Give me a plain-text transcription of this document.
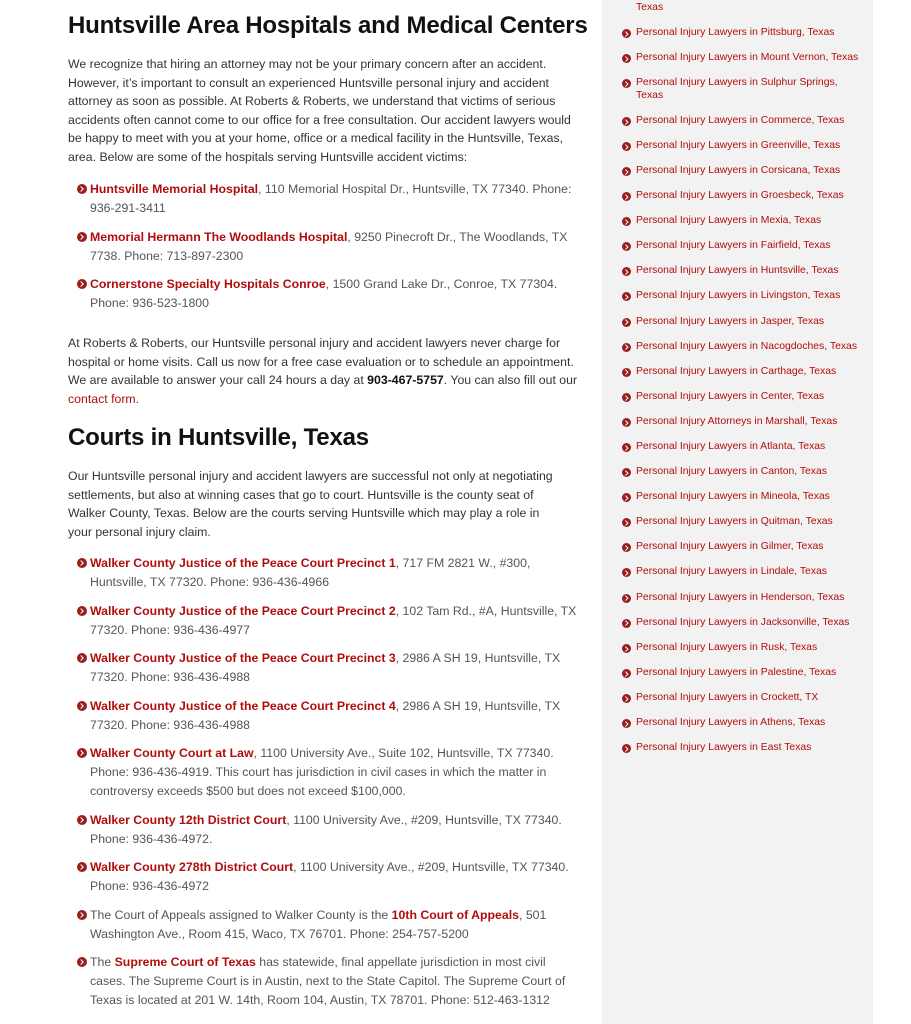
Huntsville Area Hospitals and Medical Centers

We recognize that hiring an attorney may not be your primary concern after an accident. However, it’s important to consult an experienced Huntsville personal injury and accident attorney as soon as possible. At Roberts & Roberts, we understand that victims of serious accidents often cannot come to our office for a free consultation. Our accident lawyers would be happy to meet with you at your home, office or a medical facility in the Huntsville, Texas, area. Below are some of the hospitals serving Huntsville accident victims:

Huntsville Memorial Hospital, 110 Memorial Hospital Dr., Huntsville, TX 77340. Phone: 936-291-3411
Memorial Hermann The Woodlands Hospital, 9250 Pinecroft Dr., The Woodlands, TX 7738. Phone: 713-897-2300
Cornerstone Specialty Hospitals Conroe, 1500 Grand Lake Dr., Conroe, TX 77304. Phone: 936-523-1800

At Roberts & Roberts, our Huntsville personal injury and accident lawyers never charge for hospital or home visits. Call us now for a free case evaluation or to schedule an appointment. We are available to answer your call 24 hours a day at 903-467-5757. You can also fill out our contact form.

Courts in Huntsville, Texas

Our Huntsville personal injury and accident lawyers are successful not only at negotiating settlements, but also at winning cases that go to court. Huntsville is the county seat of Walker County, Texas. Below are the courts serving Huntsville which may play a role in your personal injury claim.

Walker County Justice of the Peace Court Precinct 1, 717 FM 2821 W., #300, Huntsville, TX 77320. Phone: 936-436-4966
Walker County Justice of the Peace Court Precinct 2, 102 Tam Rd., #A, Huntsville, TX 77320. Phone: 936-436-4977
Walker County Justice of the Peace Court Precinct 3, 2986 A SH 19, Huntsville, TX 77320. Phone: 936-436-4988
Walker County Justice of the Peace Court Precinct 4, 2986 A SH 19, Huntsville, TX 77320. Phone: 936-436-4988
Walker County Court at Law, 1100 University Ave., Suite 102, Huntsville, TX 77340. Phone: 936-436-4919. This court has jurisdiction in civil cases in which the matter in controversy exceeds $500 but does not exceed $100,000.
Walker County 12th District Court, 1100 University Ave., #209, Huntsville, TX 77340. Phone: 936-436-4972.
Walker County 278th District Court, 1100 University Ave., #209, Huntsville, TX 77340. Phone: 936-436-4972
The Court of Appeals assigned to Walker County is the 10th Court of Appeals, 501 Washington Ave., Room 415, Waco, TX 76701. Phone: 254-757-5200
The Supreme Court of Texas has statewide, final appellate jurisdiction in most civil cases. The Supreme Court is in Austin, next to the State Capitol. The Supreme Court of Texas is located at 201 W. 14th, Room 104, Austin, TX 78701. Phone: 512-463-1312
Texas
Personal Injury Lawyers in Pittsburg, Texas
Personal Injury Lawyers in Mount Vernon, Texas
Personal Injury Lawyers in Sulphur Springs, Texas
Personal Injury Lawyers in Commerce, Texas
Personal Injury Lawyers in Greenville, Texas
Personal Injury Lawyers in Corsicana, Texas
Personal Injury Lawyers in Groesbeck, Texas
Personal Injury Lawyers in Mexia, Texas
Personal Injury Lawyers in Fairfield, Texas
Personal Injury Lawyers in Huntsville, Texas
Personal Injury Lawyers in Livingston, Texas
Personal Injury Lawyers in Jasper, Texas
Personal Injury Lawyers in Nacogdoches, Texas
Personal Injury Lawyers in Carthage, Texas
Personal Injury Lawyers in Center, Texas
Personal Injury Attorneys in Marshall, Texas
Personal Injury Lawyers in Atlanta, Texas
Personal Injury Lawyers in Canton, Texas
Personal Injury Lawyers in Mineola, Texas
Personal Injury Lawyers in Quitman, Texas
Personal Injury Lawyers in Gilmer, Texas
Personal Injury Lawyers in Lindale, Texas
Personal Injury Lawyers in Henderson, Texas
Personal Injury Lawyers in Jacksonville, Texas
Personal Injury Lawyers in Rusk, Texas
Personal Injury Lawyers in Palestine, Texas
Personal Injury Lawyers in Crockett, TX
Personal Injury Lawyers in Athens, Texas
Personal Injury Lawyers in East Texas
